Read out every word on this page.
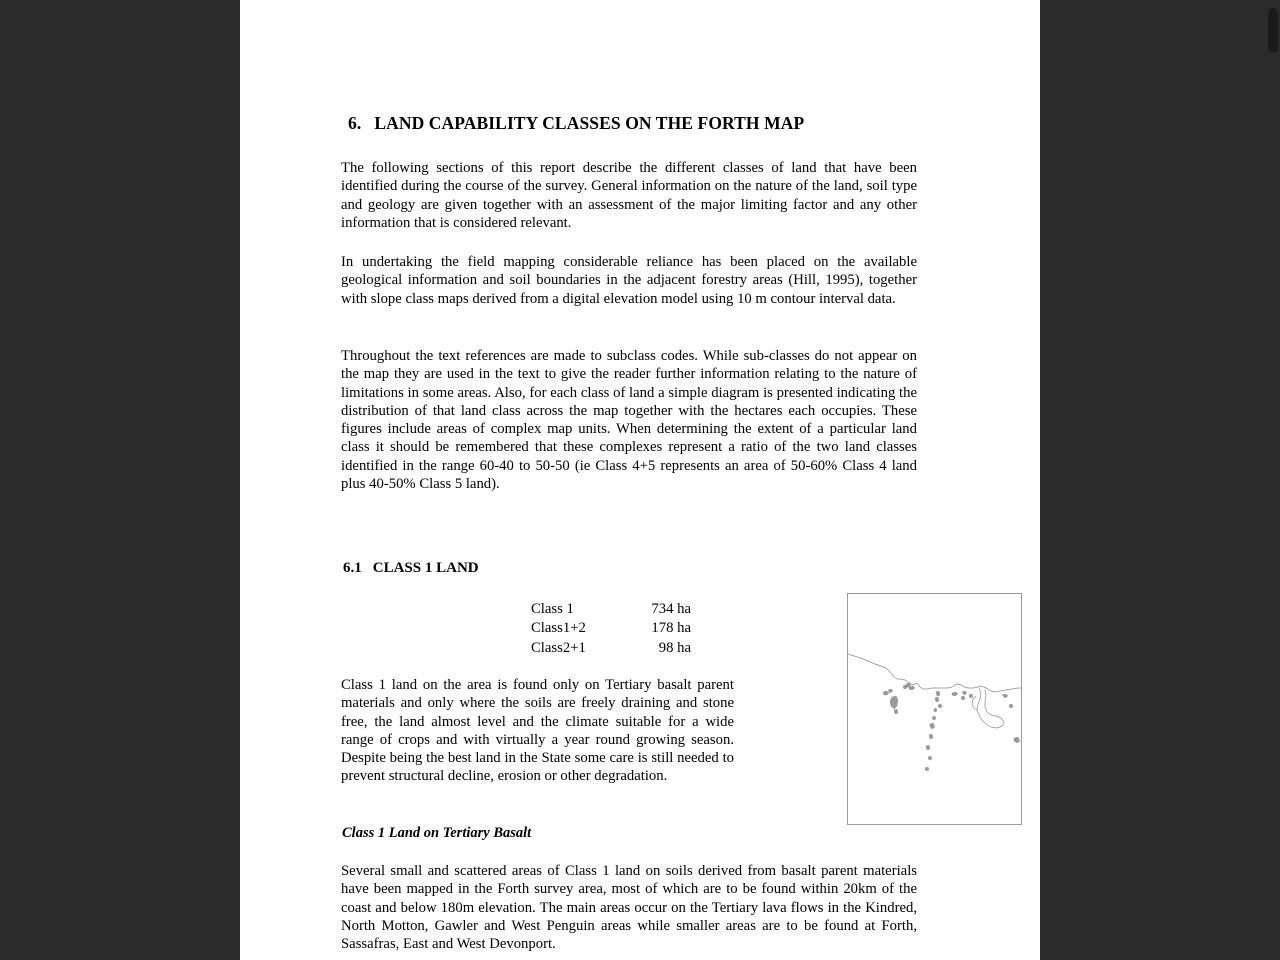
6. LAND CAPABILITY CLASSES ON THE FORTH MAP

The following sections of this report describe the different classes of land that have been identified during the course of the survey. General information on the nature of the land, soil type and geology are given together with an assessment of the major limiting factor and any other information that is considered relevant.

In undertaking the field mapping considerable reliance has been placed on the available geological information and soil boundaries in the adjacent forestry areas (Hill, 1995), together with slope class maps derived from a digital elevation model using 10 m contour interval data.

Throughout the text references are made to subclass codes. While sub-classes do not appear on the map they are used in the text to give the reader further information relating to the nature of limitations in some areas. Also, for each class of land a simple diagram is presented indicating the distribution of that land class across the map together with the hectares each occupies. These figures include areas of complex map units. When determining the extent of a particular land class it should be remembered that these complexes represent a ratio of the two land classes identified in the range 60-40 to 50-50 (ie Class 4+5 represents an area of 50-60% Class 4 land plus 40-50% Class 5 land).

6.1 CLASS 1 LAND
Class 1	734 ha
Class1+2	178 ha
Class2+1	98 ha

Class 1 land on the area is found only on Tertiary basalt parent materials and only where the soils are freely draining and stone free, the land almost level and the climate suitable for a wide range of crops and with virtually a year round growing season. Despite being the best land in the State some care is still needed to prevent structural decline, erosion or other degradation.

Class 1 Land on Tertiary Basalt

Several small and scattered areas of Class 1 land on soils derived from basalt parent materials have been mapped in the Forth survey area, most of which are to be found within 20km of the coast and below 180m elevation. The main areas occur on the Tertiary lava flows in the Kindred, North Motton, Gawler and West Penguin areas while smaller areas are to be found at Forth, Sassafras, East and West Devonport.
